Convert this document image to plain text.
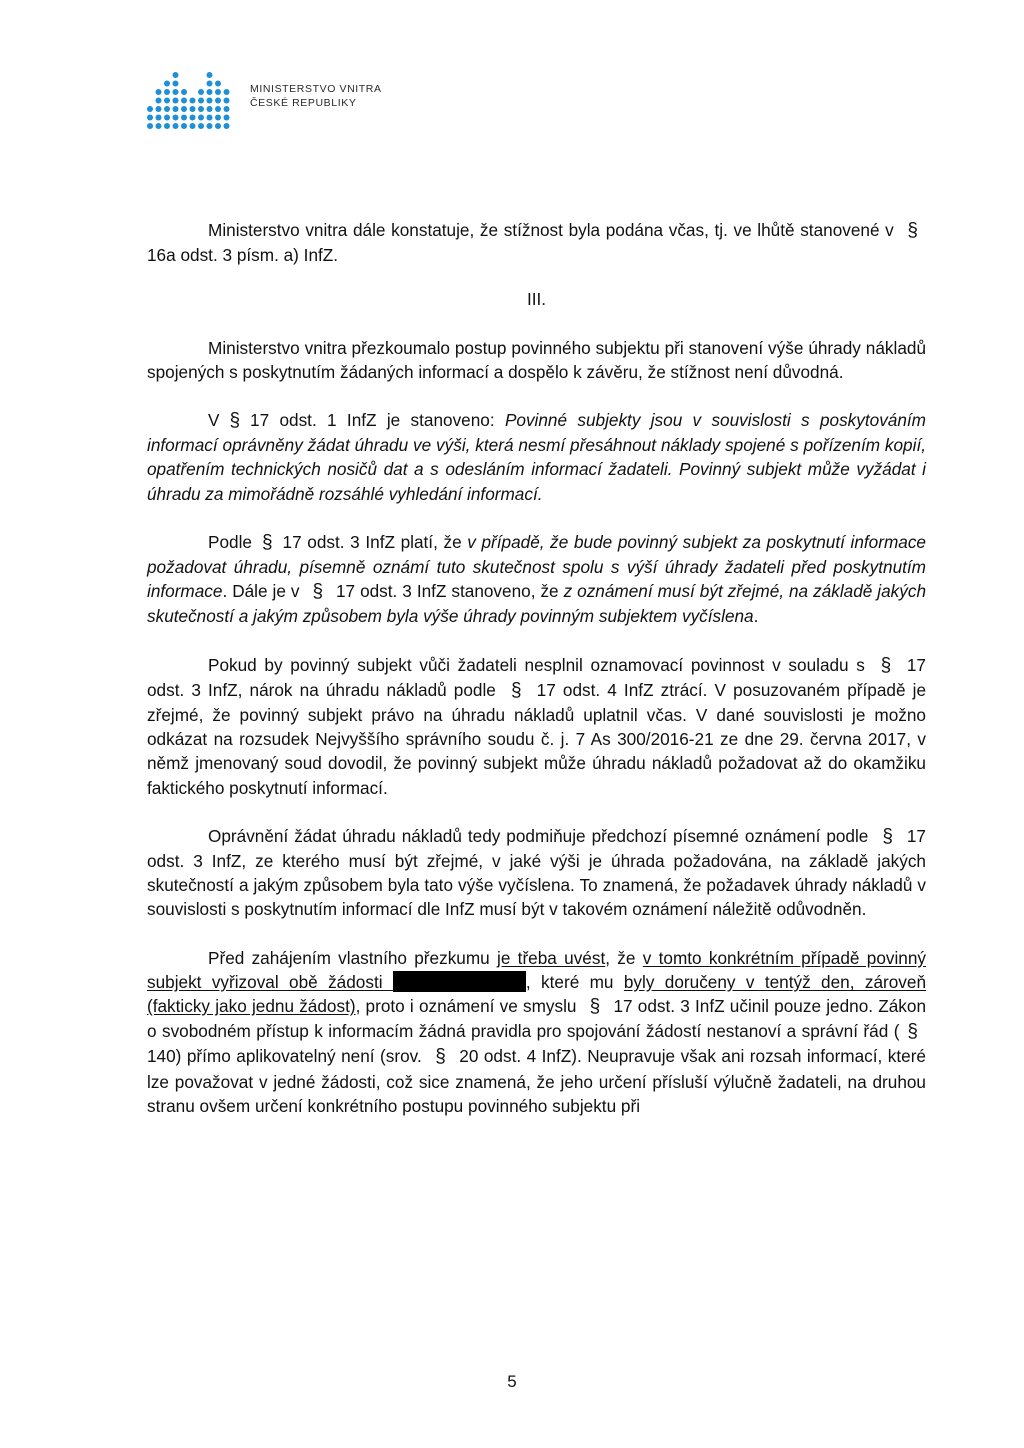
MINISTERSTVO VNITRA
ČESKÉ REPUBLIKY

Ministerstvo vnitra dále konstatuje, že stížnost byla podána včas, tj. ve lhůtě stanovené v § 16a odst. 3 písm. a) InfZ.

III.

Ministerstvo vnitra přezkoumalo postup povinného subjektu při stanovení výše úhrady nákladů spojených s poskytnutím žádaných informací a dospělo k závěru, že stížnost není důvodná.

V § 17 odst. 1 InfZ je stanoveno: Povinné subjekty jsou v souvislosti s poskytováním informací oprávněny žádat úhradu ve výši, která nesmí přesáhnout náklady spojené s pořízením kopií, opatřením technických nosičů dat a s odesláním informací žadateli. Povinný subjekt může vyžádat i úhradu za mimořádně rozsáhlé vyhledání informací.

Podle § 17 odst. 3 InfZ platí, že v případě, že bude povinný subjekt za poskytnutí informace požadovat úhradu, písemně oznámí tuto skutečnost spolu s výší úhrady žadateli před poskytnutím informace. Dále je v § 17 odst. 3 InfZ stanoveno, že z oznámení musí být zřejmé, na základě jakých skutečností a jakým způsobem byla výše úhrady povinným subjektem vyčíslena.

Pokud by povinný subjekt vůči žadateli nesplnil oznamovací povinnost v souladu s § 17 odst. 3 InfZ, nárok na úhradu nákladů podle § 17 odst. 4 InfZ ztrácí. V posuzovaném případě je zřejmé, že povinný subjekt právo na úhradu nákladů uplatnil včas. V dané souvislosti je možno odkázat na rozsudek Nejvyššího správního soudu č. j. 7 As 300/2016-21 ze dne 29. června 2017, v němž jmenovaný soud dovodil, že povinný subjekt může úhradu nákladů požadovat až do okamžiku faktického poskytnutí informací.

Oprávnění žádat úhradu nákladů tedy podmiňuje předchozí písemné oznámení podle § 17 odst. 3 InfZ, ze kterého musí být zřejmé, v jaké výši je úhrada požadována, na základě jakých skutečností a jakým způsobem byla tato výše vyčíslena. To znamená, že požadavek úhrady nákladů v souvislosti s poskytnutím informací dle InfZ musí být v takovém oznámení náležitě odůvodněn.

Před zahájením vlastního přezkumu je třeba uvést, že v tomto konkrétním případě povinný subjekt vyřizoval obě žádosti	, které mu byly doručeny v tentýž den, zároveň (fakticky jako jednu žádost), proto i oznámení ve smyslu § 17 odst. 3 InfZ učinil pouze jedno. Zákon o svobodném přístup k informacím žádná pravidla pro spojování žádostí nestanoví a správní řád ( § 140) přímo aplikovatelný není (srov. § 20 odst. 4 InfZ). Neupravuje však ani rozsah informací, které lze považovat v jedné žádosti, což sice znamená, že jeho určení přísluší výlučně žadateli, na druhou stranu ovšem určení konkrétního postupu povinného subjektu při

5
